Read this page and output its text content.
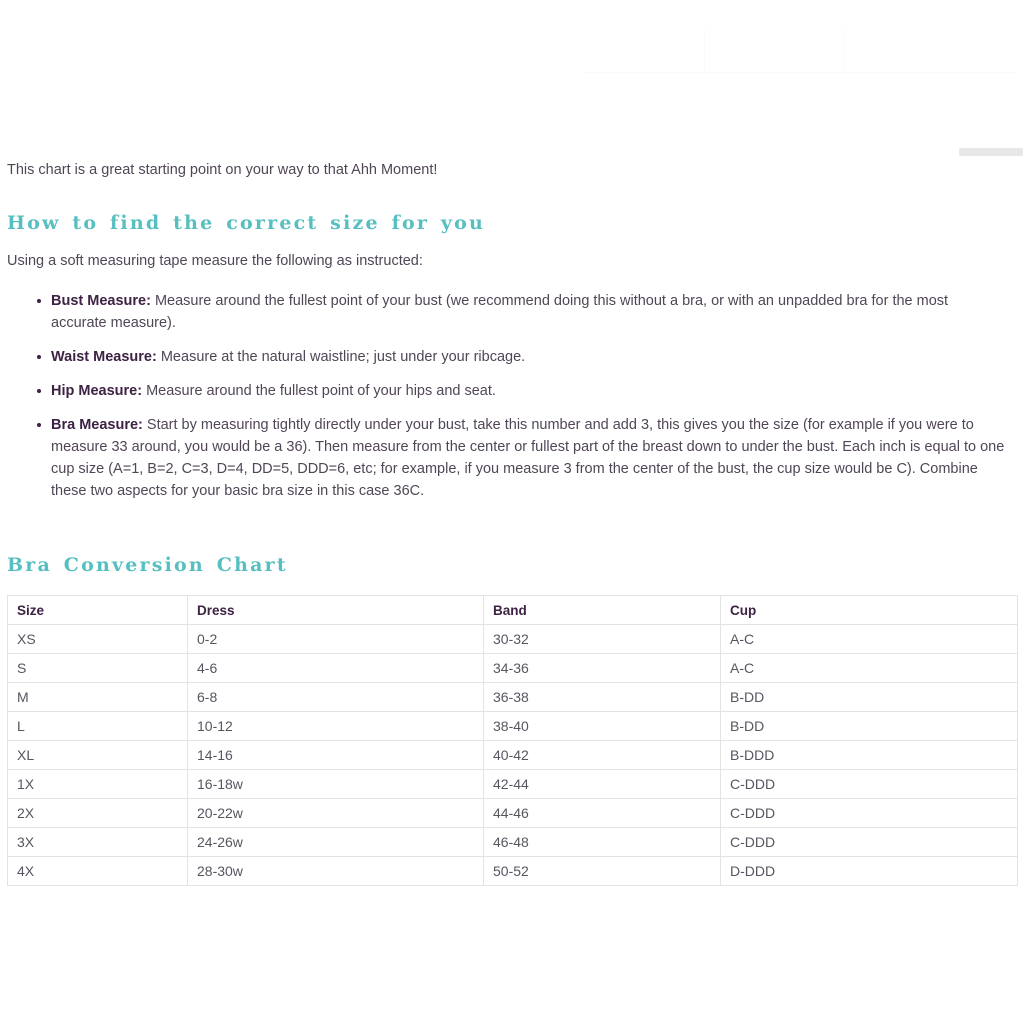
This chart is a great starting point on your way to that Ahh Moment!

How to find the correct size for you

Using a soft measuring tape measure the following as instructed:

Bust Measure: Measure around the fullest point of your bust (we recommend doing this without a bra, or with an unpadded bra for the most accurate measure).
Waist Measure: Measure at the natural waistline; just under your ribcage.
Hip Measure: Measure around the fullest point of your hips and seat.
Bra Measure: Start by measuring tightly directly under your bust, take this number and add 3, this gives you the size (for example if you were to measure 33 around, you would be a 36). Then measure from the center or fullest part of the breast down to under the bust. Each inch is equal to one cup size (A=1, B=2, C=3, D=4, DD=5, DDD=6, etc; for example, if you measure 3 from the center of the bust, the cup size would be C). Combine these two aspects for your basic bra size in this case 36C.
Bra Conversion Chart
Size	Dress	Band	Cup
XS	0-2	30-32	A-C
S	4-6	34-36	A-C
M	6-8	36-38	B-DD
L	10-12	38-40	B-DD
XL	14-16	40-42	B-DDD
1X	16-18w	42-44	C-DDD
2X	20-22w	44-46	C-DDD
3X	24-26w	46-48	C-DDD
4X	28-30w	50-52	D-DDD
